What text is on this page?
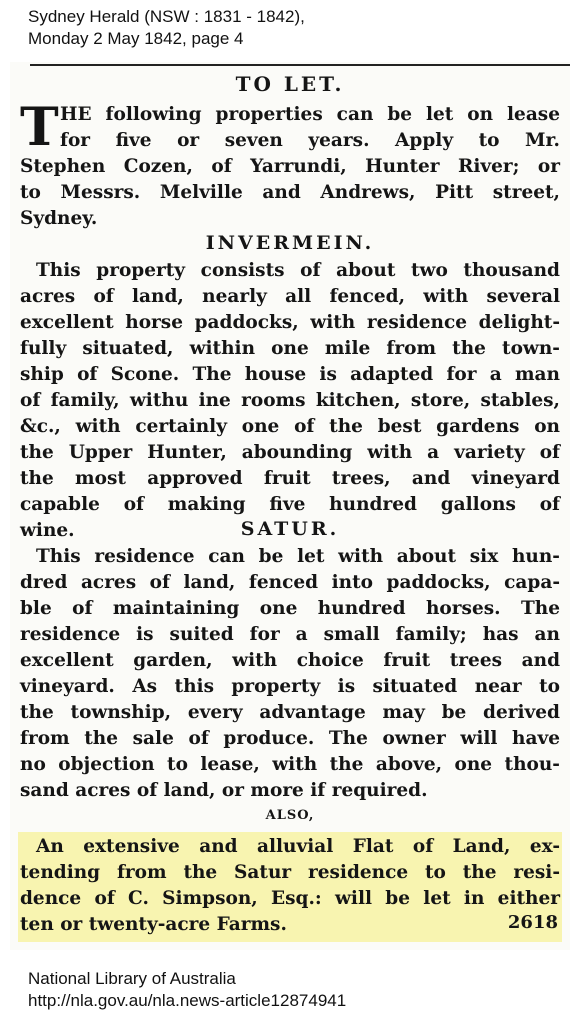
Sydney Herald (NSW : 1831 - 1842),
Monday 2 May 1842, page 4
TO LET.
T HE following properties can be let on lease
for five or seven years. Apply to Mr.
Stephen Cozen, of Yarrundi, Hunter River; or
to Messrs. Melville and Andrews, Pitt street,
Sydney.
INVERMEIN.
This property consists of about two thousand
acres of land, nearly all fenced, with several
excellent horse paddocks, with residence delight-
fully situated, within one mile from the town-
ship of Scone. The house is adapted for a man
of family, withu ine rooms kitchen, store, stables,
&c., with certainly one of the best gardens on
the Upper Hunter, abounding with a variety of
the most approved fruit trees, and vineyard
capable of making five hundred gallons of
wine.	SATUR.
This residence can be let with about six hun-
dred acres of land, fenced into paddocks, capa-
ble of maintaining one hundred horses. The
residence is suited for a small family; has an
excellent garden, with choice fruit trees and
vineyard. As this property is situated near to
the township, every advantage may be derived
from the sale of produce. The owner will have
no objection to lease, with the above, one thou-
sand acres of land, or more if required.
ALSO,
An extensive and alluvial Flat of Land, ex-
tending from the Satur residence to the resi-
dence of C. Simpson, Esq.: will be let in either
ten or twenty-acre Farms.	2618
National Library of Australia
http://nla.gov.au/nla.news-article12874941
